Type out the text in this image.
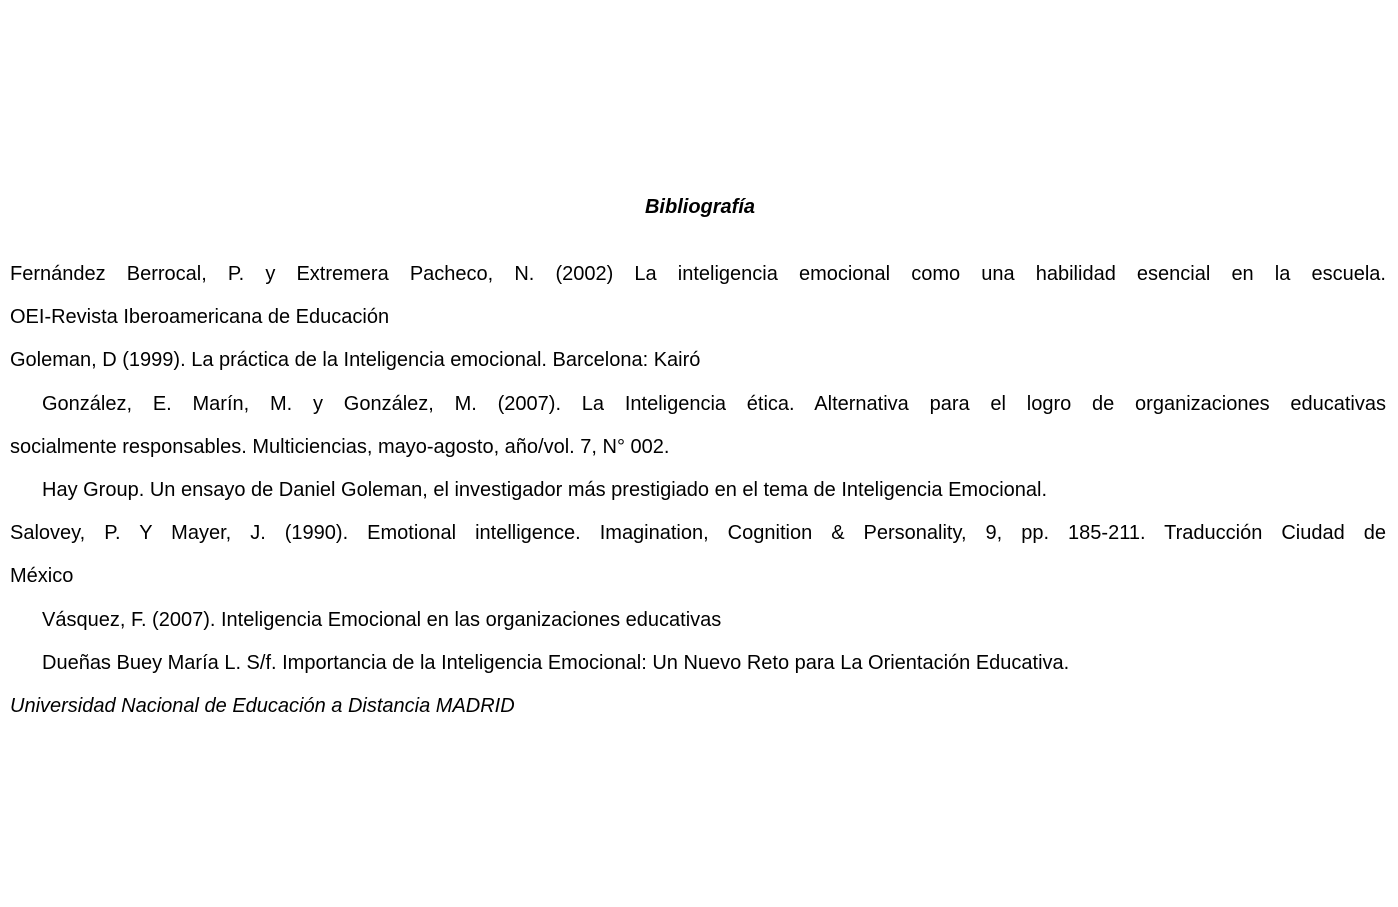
Bibliografía
Fernández Berrocal, P. y Extremera Pacheco, N. (2002) La inteligencia emocional como una habilidad esencial en la escuela.
OEI-Revista Iberoamericana de Educación
Goleman, D (1999). La práctica de la Inteligencia emocional. Barcelona: Kairó
González, E. Marín, M. y González, M. (2007). La Inteligencia ética. Alternativa para el logro de organizaciones educativas
socialmente responsables. Multiciencias, mayo-agosto, año/vol. 7, N° 002.
Hay Group. Un ensayo de Daniel Goleman, el investigador más prestigiado en el tema de Inteligencia Emocional.
Salovey, P. Y Mayer, J. (1990). Emotional intelligence. Imagination, Cognition & Personality, 9, pp. 185-211. Traducción Ciudad de
México
Vásquez, F. (2007). Inteligencia Emocional en las organizaciones educativas
Dueñas Buey María L. S/f. Importancia de la Inteligencia Emocional: Un Nuevo Reto para La Orientación Educativa.
Universidad Nacional de Educación a Distancia MADRID
